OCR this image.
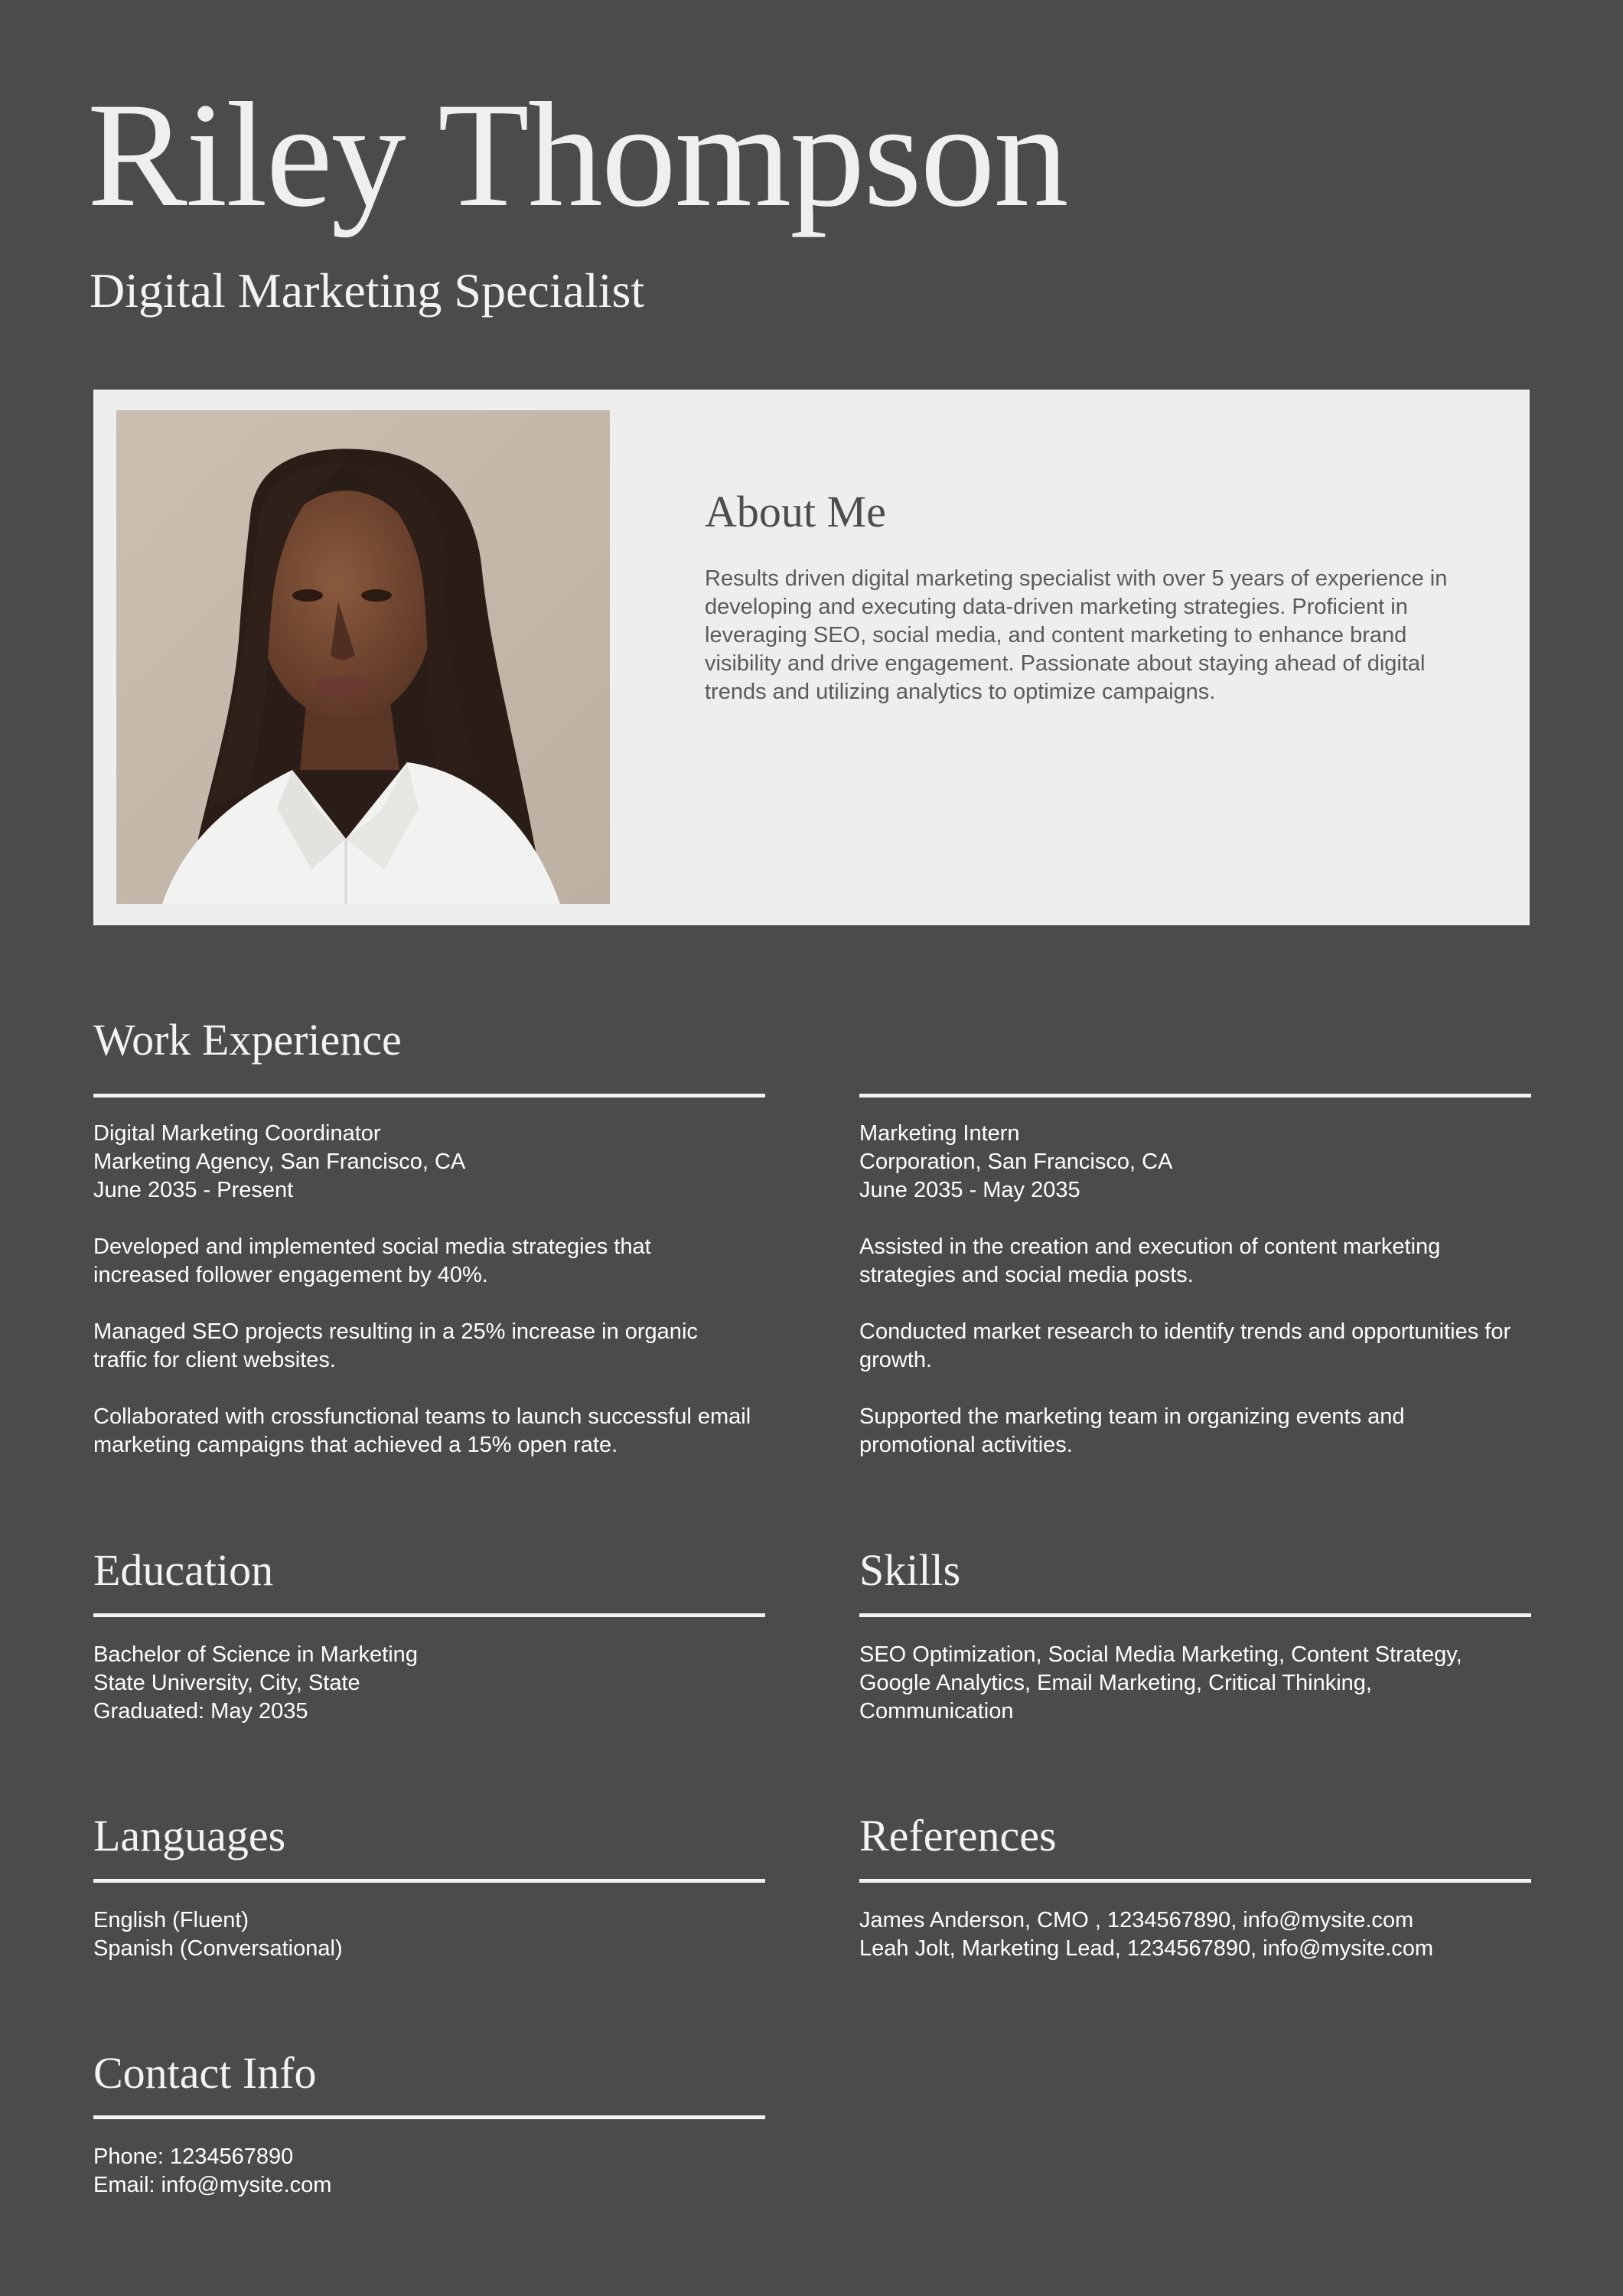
Riley Thompson
Digital Marketing Specialist
About Me
Results driven digital marketing specialist with over 5 years of experience in developing and executing data-driven marketing strategies. Proficient in leveraging SEO, social media, and content marketing to enhance brand visibility and drive engagement. Passionate about staying ahead of digital trends and utilizing analytics to optimize campaigns.
Work Experience

Digital Marketing Coordinator
Marketing Agency, San Francisco, CA
June 2035 - Present

Developed and implemented social media strategies that increased follower engagement by 40%.

Managed SEO projects resulting in a 25% increase in organic traffic for client websites.

Collaborated with crossfunctional teams to launch successful email marketing campaigns that achieved a 15% open rate.

Marketing Intern
Corporation, San Francisco, CA
June 2035 - May 2035

Assisted in the creation and execution of content marketing strategies and social media posts.

Conducted market research to identify trends and opportunities for growth.

Supported the marketing team in organizing events and promotional activities.

Education
Bachelor of Science in Marketing
State University, City, State
Graduated: May 2035
Skills
SEO Optimization, Social Media Marketing, Content Strategy, Google Analytics, Email Marketing, Critical Thinking, Communication
Languages
English (Fluent)
Spanish (Conversational)
References
James Anderson, CMO , 1234567890, info@mysite.com
Leah Jolt, Marketing Lead, 1234567890, info@mysite.com
Contact Info
Phone: 1234567890
Email: info@mysite.com
